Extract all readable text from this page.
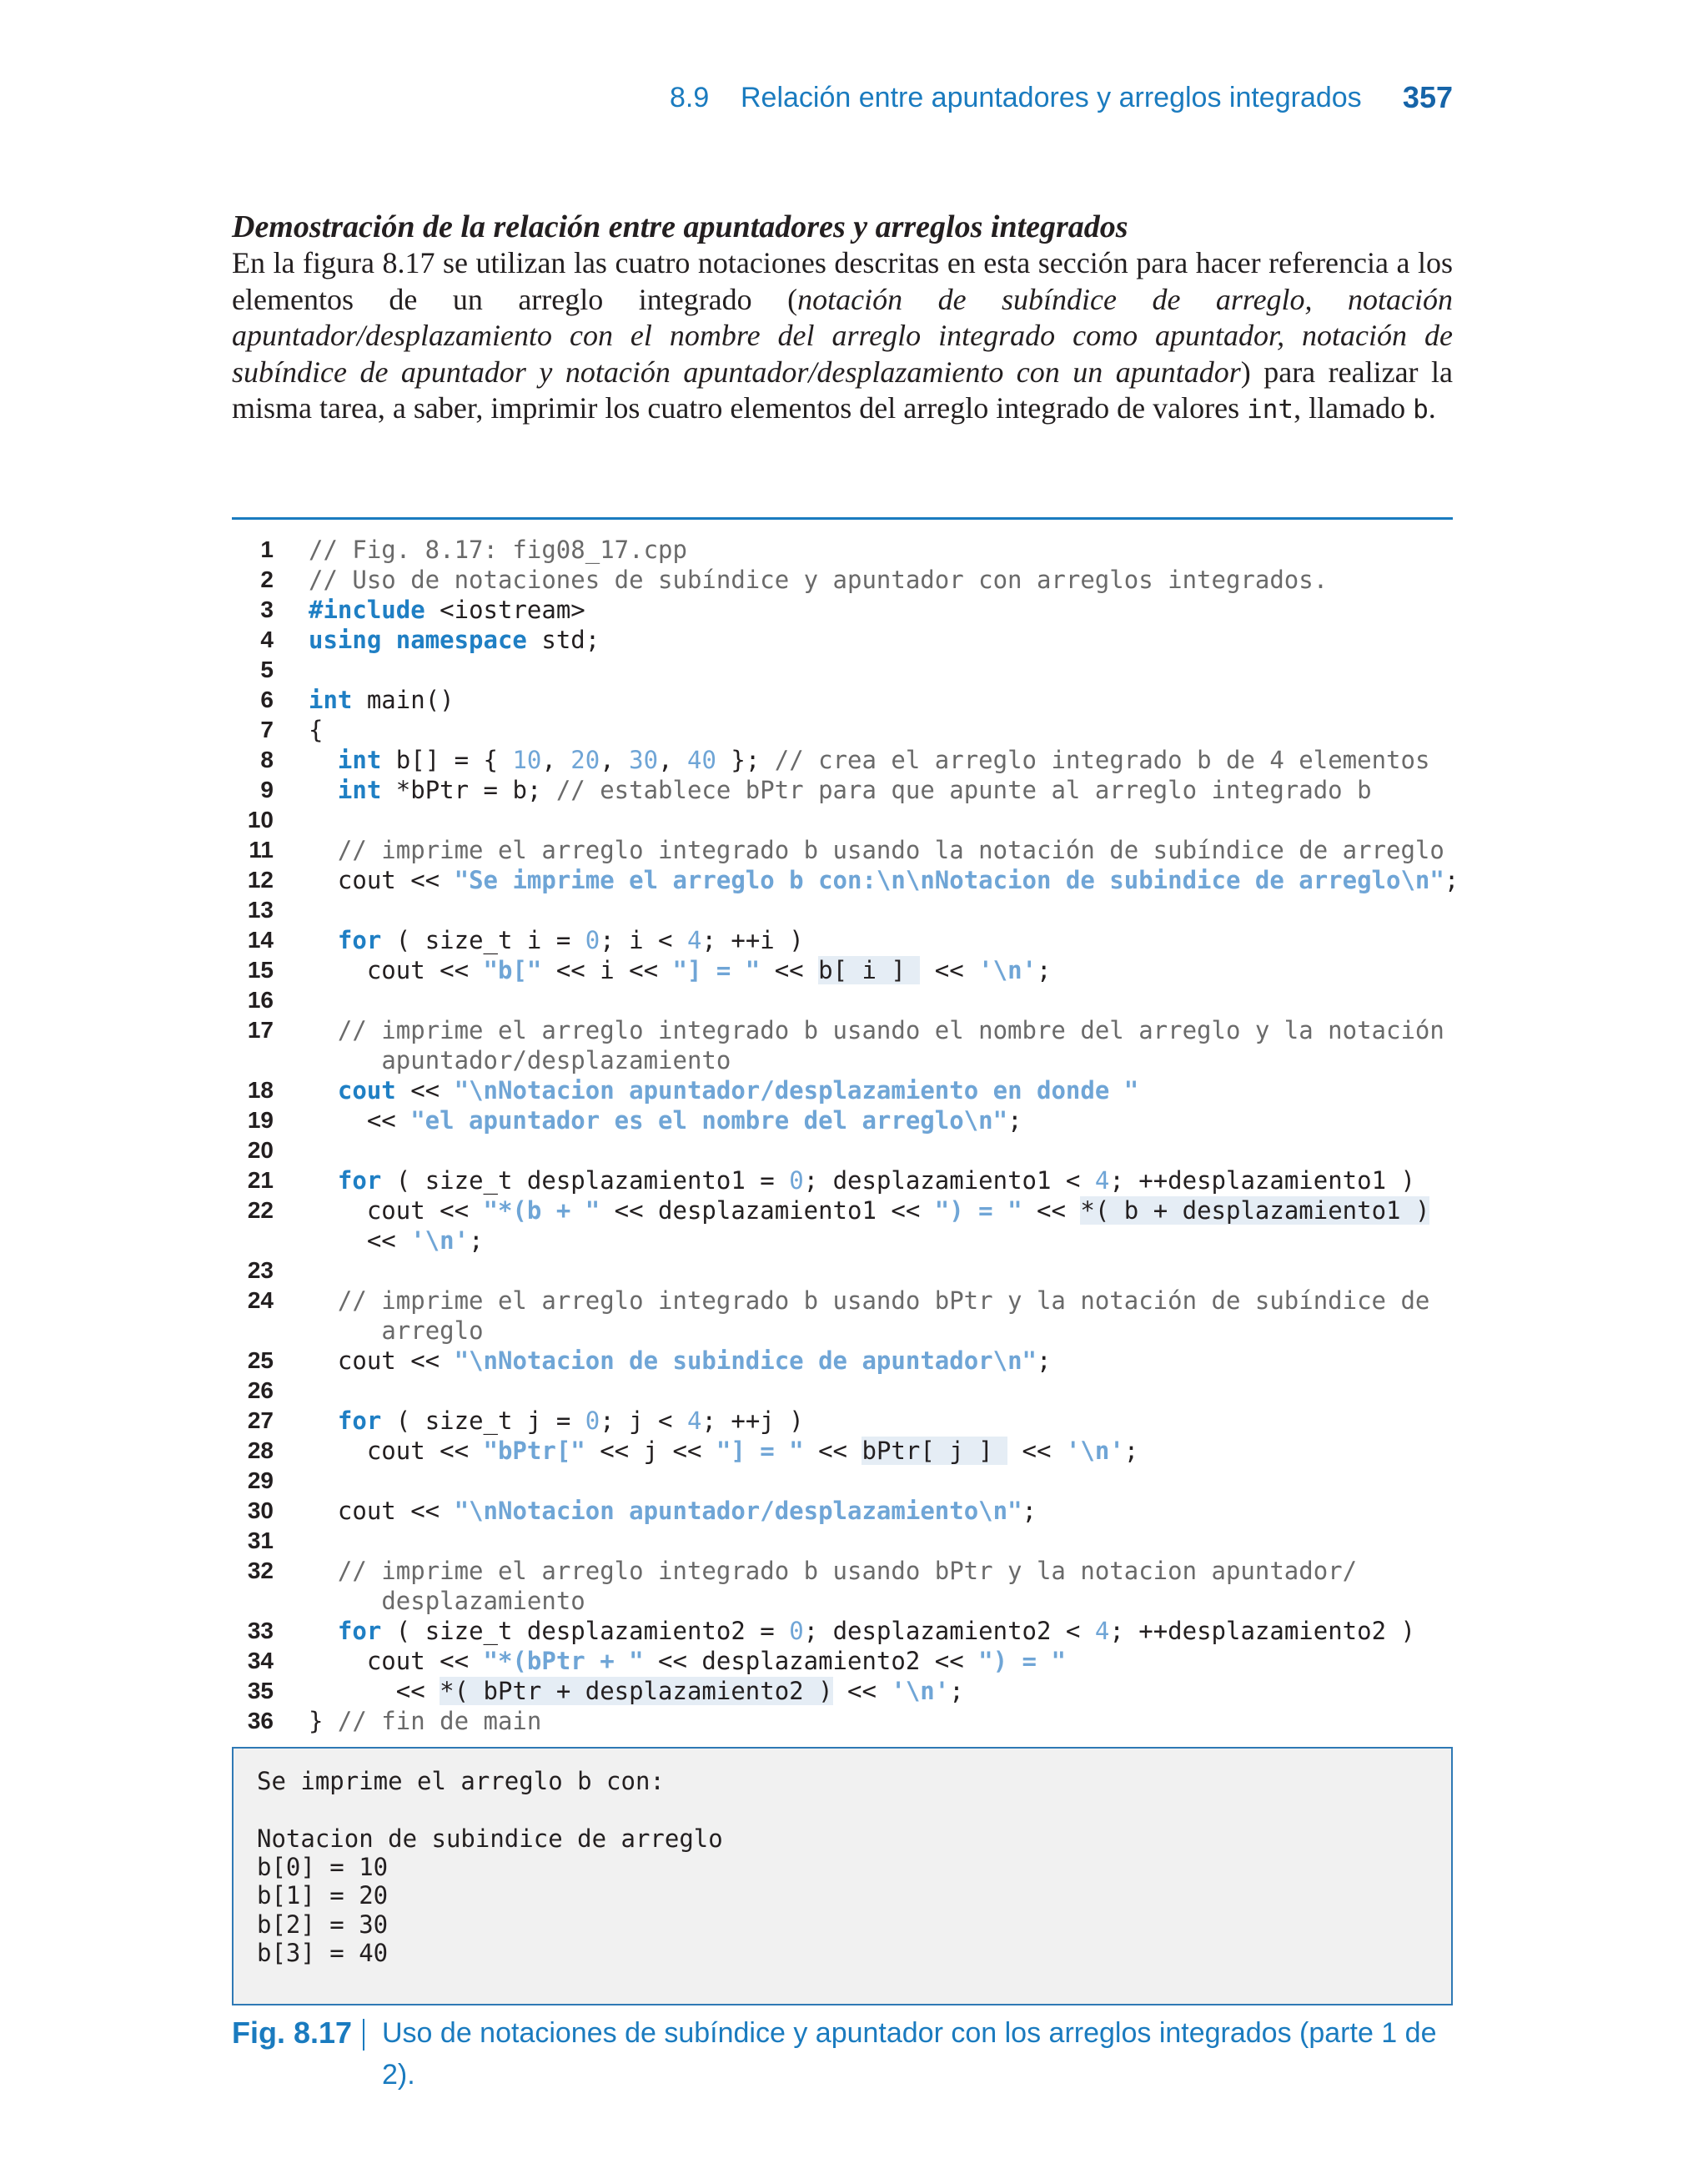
8.9 Relación entre apuntadores y arreglos integrados 357
Demostración de la relación entre apuntadores y arreglos integrados
En la figura 8.17 se utilizan las cuatro notaciones descritas en esta sección para hacer referencia a los elementos de un arreglo integrado (notación de subíndice de arreglo, notación apuntador/desplazamiento con el nombre del arreglo integrado como apuntador, notación de subíndice de apuntador y notación apuntador/desplazamiento con un apuntador) para realizar la misma tarea, a saber, imprimir los cuatro elementos del arreglo integrado de valores int, llamado b.
1 // Fig. 8.17: fig08_17.cpp
2 // Uso de notaciones de subíndice y apuntador con arreglos integrados.
3 #include <iostream>
4 using namespace std;
5
6 int main()
7 {
8	int b[] = { 10, 20, 30, 40 }; // crea el arreglo integrado b de 4 elementos
9	int *bPtr = b; // establece bPtr para que apunte al arreglo integrado b
10
11	// imprime el arreglo integrado b usando la notación de subíndice de arreglo
12 cout << "Se imprime el arreglo b con:\n\nNotacion de subindice de arreglo\n";
13
14	for ( size_t i = 0; i < 4; ++i )
15 cout << "b[" << i << "] = " << b[ i ]  << '\n';
16
17	// imprime el arreglo integrado b usando el nombre del arreglo y la notación
apuntador/desplazamiento
18	cout << "\nNotacion apuntador/desplazamiento en donde "
19 << "el apuntador es el nombre del arreglo\n";
20
21	for ( size_t desplazamiento1 = 0; desplazamiento1 < 4; ++desplazamiento1 )
22 cout << "*(b + " << desplazamiento1 << ") = " << *( b + desplazamiento1 )
<< '\n';
23
24	// imprime el arreglo integrado b usando bPtr y la notación de subíndice de
arreglo
25 cout << "\nNotacion de subindice de apuntador\n";
26
27	for ( size_t j = 0; j < 4; ++j )
28 cout << "bPtr[" << j << "] = " << bPtr[ j ]  << '\n';
29
30 cout << "\nNotacion apuntador/desplazamiento\n";
31
32	// imprime el arreglo integrado b usando bPtr y la notacion apuntador/
desplazamiento
33	for ( size_t desplazamiento2 = 0; desplazamiento2 < 4; ++desplazamiento2 )
34 cout << "*(bPtr + " << desplazamiento2 << ") = "
35 << *( bPtr + desplazamiento2 ) << '\n';
36 } // fin de main
Se imprime el arreglo b con:
Notacion de subindice de arreglo
b[0] = 10
b[1] = 20
b[2] = 30
b[3] = 40
Fig. 8.17 Uso de notaciones de subíndice y apuntador con los arreglos integrados (parte 1 de 2).
